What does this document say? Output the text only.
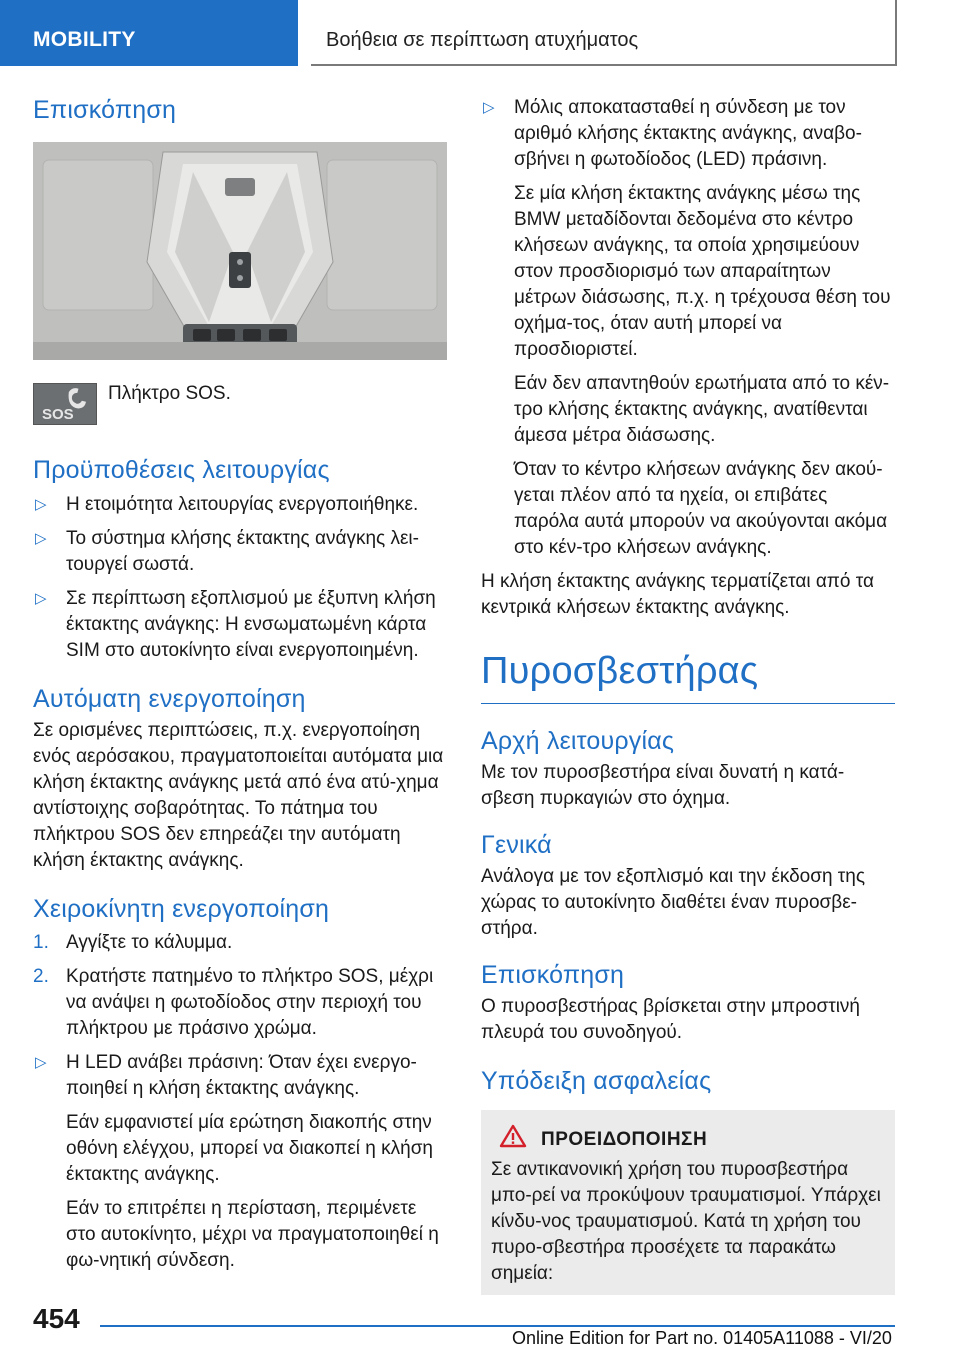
MOBILITY	Βοήθεια σε περίπτωση ατυχήματος
Επισκόπηση
SOS
Πλήκτρο SOS.
Προϋποθέσεις λειτουργίας
▷ Η ετοιμότητα λειτουργίας ενεργοποιήθηκε.
▷ Το σύστημα κλήσης έκτακτης ανάγκης λει-τουργεί σωστά.
▷ Σε περίπτωση εξοπλισμού με έξυπνη κλήση έκτακτης ανάγκης: Η ενσωματωμένη κάρτα SIM στο αυτοκίνητο είναι ενεργοποιημένη.
Αυτόματη ενεργοποίηση

Σε ορισμένες περιπτώσεις, π.χ. ενεργοποίηση ενός αερόσακου, πραγματοποιείται αυτόματα μια κλήση έκτακτης ανάγκης μετά από ένα ατύ-χημα αντίστοιχης σοβαρότητας. Το πάτημα του πλήκτρου SOS δεν επηρεάζει την αυτόματη κλήση έκτακτης ανάγκης.

Χειροκίνητη ενεργοποίηση
1. Αγγίξτε το κάλυμμα.
2. Κρατήστε πατημένο το πλήκτρο SOS, μέχρι να ανάψει η φωτοδίοδος στην περιοχή του πλήκτρου με πράσινο χρώμα.
▷ Η LED ανάβει πράσινη: Όταν έχει ενεργο-ποιηθεί η κλήση έκτακτης ανάγκης.

Εάν εμφανιστεί μία ερώτηση διακοπής στην οθόνη ελέγχου, μπορεί να διακοπεί η κλήση έκτακτης ανάγκης.

Εάν το επιτρέπει η περίσταση, περιμένετε στο αυτοκίνητο, μέχρι να πραγματοποιηθεί η φω-νητική σύνδεση.

▷ Μόλις αποκατασταθεί η σύνδεση με τον αριθμό κλήσης έκτακτης ανάγκης, αναβο-σβήνει η φωτοδίοδος (LED) πράσινη.

Σε μία κλήση έκτακτης ανάγκης μέσω της BMW μεταδίδονται δεδομένα στο κέντρο κλήσεων ανάγκης, τα οποία χρησιμεύουν στον προσδιορισμό των απαραίτητων μέτρων διάσωσης, π.χ. η τρέχουσα θέση του οχήμα-τος, όταν αυτή μπορεί να προσδιοριστεί.

Εάν δεν απαντηθούν ερωτήματα από το κέν-τρο κλήσης έκτακτης ανάγκης, ανατίθενται άμεσα μέτρα διάσωσης.

Όταν το κέντρο κλήσεων ανάγκης δεν ακού-γεται πλέον από τα ηχεία, οι επιβάτες παρόλα αυτά μπορούν να ακούγονται ακόμα στο κέν-τρο κλήσεων ανάγκης.

Η κλήση έκτακτης ανάγκης τερματίζεται από τα κεντρικά κλήσεων έκτακτης ανάγκης.

Πυροσβεστήρας
Αρχή λειτουργίας

Με τον πυροσβεστήρα είναι δυνατή η κατά-σβεση πυρκαγιών στο όχημα.

Γενικά

Ανάλογα με τον εξοπλισμό και την έκδοση της χώρας το αυτοκίνητο διαθέτει έναν πυροσβε-στήρα.

Επισκόπηση

Ο πυροσβεστήρας βρίσκεται στην μπροστινή πλευρά του συνοδηγού.

Υπόδειξη ασφαλείας
ΠΡΟΕΙΔΟΠΟΙΗΣΗ

Σε αντικανονική χρήση του πυροσβεστήρα μπο-ρεί να προκύψουν τραυματισμοί. Υπάρχει κίνδυ-νος τραυματισμού. Κατά τη χρήση του πυρο-σβεστήρα προσέχετε τα παρακάτω σημεία:

454
Online Edition for Part no. 01405A11088 - VI/20
